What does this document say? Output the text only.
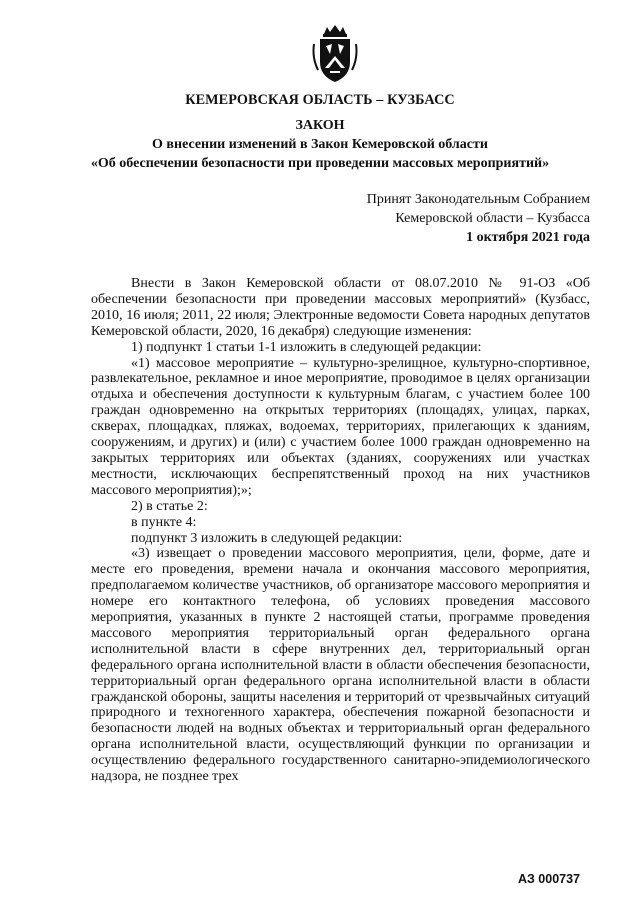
КЕМЕРОВСКАЯ ОБЛАСТЬ – КУЗБАСС
ЗАКОН
О внесении изменений в Закон Кемеровской области
«Об обеспечении безопасности при проведении массовых мероприятий»
Принят Законодательным Собранием
Кемеровской области – Кузбасса
1 октября 2021 года

Внести в Закон Кемеровской области от 08.07.2010 № 91-ОЗ «Об обеспечении безопасности при проведении массовых мероприятий» (Кузбасс, 2010, 16 июля; 2011, 22 июля; Электронные ведомости Совета народных депутатов Кемеровской области, 2020, 16 декабря) следующие изменения:

1) подпункт 1 статьи 1-1 изложить в следующей редакции:

«1) массовое мероприятие – культурно-зрелищное, культурно-спортивное, развлекательное, рекламное и иное мероприятие, проводимое в целях организации отдыха и обеспечения доступности к культурным благам, с участием более 100 граждан одновременно на открытых территориях (площадях, улицах, парках, скверах, площадках, пляжах, водоемах, территориях, прилегающих к зданиям, сооружениям, и других) и (или) с участием более 1000 граждан одновременно на закрытых территориях или объектах (зданиях, сооружениях или участках местности, исключающих беспрепятственный проход на них участников массового мероприятия);»;

2) в статье 2:

в пункте 4:

подпункт 3 изложить в следующей редакции:

«3) извещает о проведении массового мероприятия, цели, форме, дате и месте его проведения, времени начала и окончания массового мероприятия, предполагаемом количестве участников, об организаторе массового мероприятия и номере его контактного телефона, об условиях проведения массового мероприятия, указанных в пункте 2 настоящей статьи, программе проведения массового мероприятия территориальный орган федерального органа исполнительной власти в сфере внутренних дел, территориальный орган федерального органа исполнительной власти в области обеспечения безопасности, территориальный орган федерального органа исполнительной власти в области гражданской обороны, защиты населения и территорий от чрезвычайных ситуаций природного и техногенного характера, обеспечения пожарной безопасности и безопасности людей на водных объектах и территориальный орган федерального органа исполнительной власти, осуществляющий функции по организации и осуществлению федерального государственного санитарно-эпидемиологического надзора, не позднее трех

АЗ 000737
